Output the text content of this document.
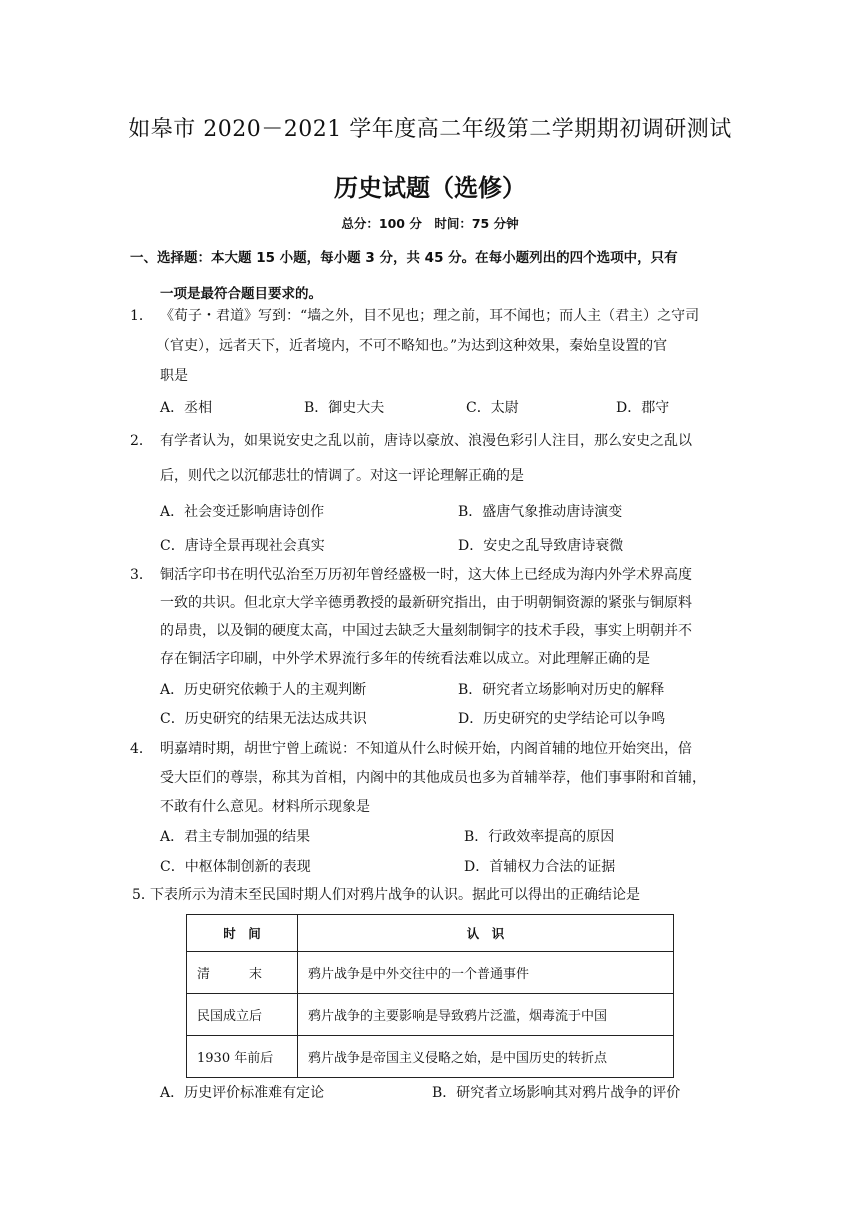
如皋市 2020－2021 学年度高二年级第二学期期初调研测试
历史试题（选修）
总分：100 分　时间：75 分钟
一、选择题：本大题 15 小题，每小题 3 分，共 45 分。在每小题列出的四个选项中，只有
一项是最符合题目要求的。
1． 《荀子・君道》写到：“墙之外，目不见也；理之前，耳不闻也；而人主（君主）之守司
（官吏），远者天下，近者境内，不可不略知也。”为达到这种效果，秦始皇设置的官
职是
A．丞相	B．御史大夫	C．太尉	D．郡守
2． 有学者认为，如果说安史之乱以前，唐诗以豪放、浪漫色彩引人注目，那么安史之乱以
后，则代之以沉郁悲壮的情调了。对这一评论理解正确的是
A．社会变迁影响唐诗创作	B．盛唐气象推动唐诗演变
C．唐诗全景再现社会真实	D．安史之乱导致唐诗衰微
3． 铜活字印书在明代弘治至万历初年曾经盛极一时，这大体上已经成为海内外学术界高度
一致的共识。但北京大学辛德勇教授的最新研究指出，由于明朝铜资源的紧张与铜原料
的昂贵，以及铜的硬度太高，中国过去缺乏大量刻制铜字的技术手段，事实上明朝并不
存在铜活字印刷，中外学术界流行多年的传统看法难以成立。对此理解正确的是
A．历史研究依赖于人的主观判断	B．研究者立场影响对历史的解释
C．历史研究的结果无法达成共识	D．历史研究的史学结论可以争鸣
4． 明嘉靖时期，胡世宁曾上疏说：不知道从什么时候开始，内阁首辅的地位开始突出，倍
受大臣们的尊崇，称其为首相，内阁中的其他成员也多为首辅举荐，他们事事附和首辅，
不敢有什么意见。材料所示现象是
A．君主专制加强的结果	B．行政效率提高的原因
C．中枢体制创新的表现	D．首辅权力合法的证据
5．
下表所示为清末至民国时期人们对鸦片战争的认识。据此可以得出的正确结论是
时　间	认　识
清　　　末	鸦片战争是中外交往中的一个普通事件
民国成立后	鸦片战争的主要影响是导致鸦片泛滥，烟毒流于中国
1930 年前后	鸦片战争是帝国主义侵略之始，是中国历史的转折点
A．历史评价标准难有定论	B．研究者立场影响其对鸦片战争的评价
